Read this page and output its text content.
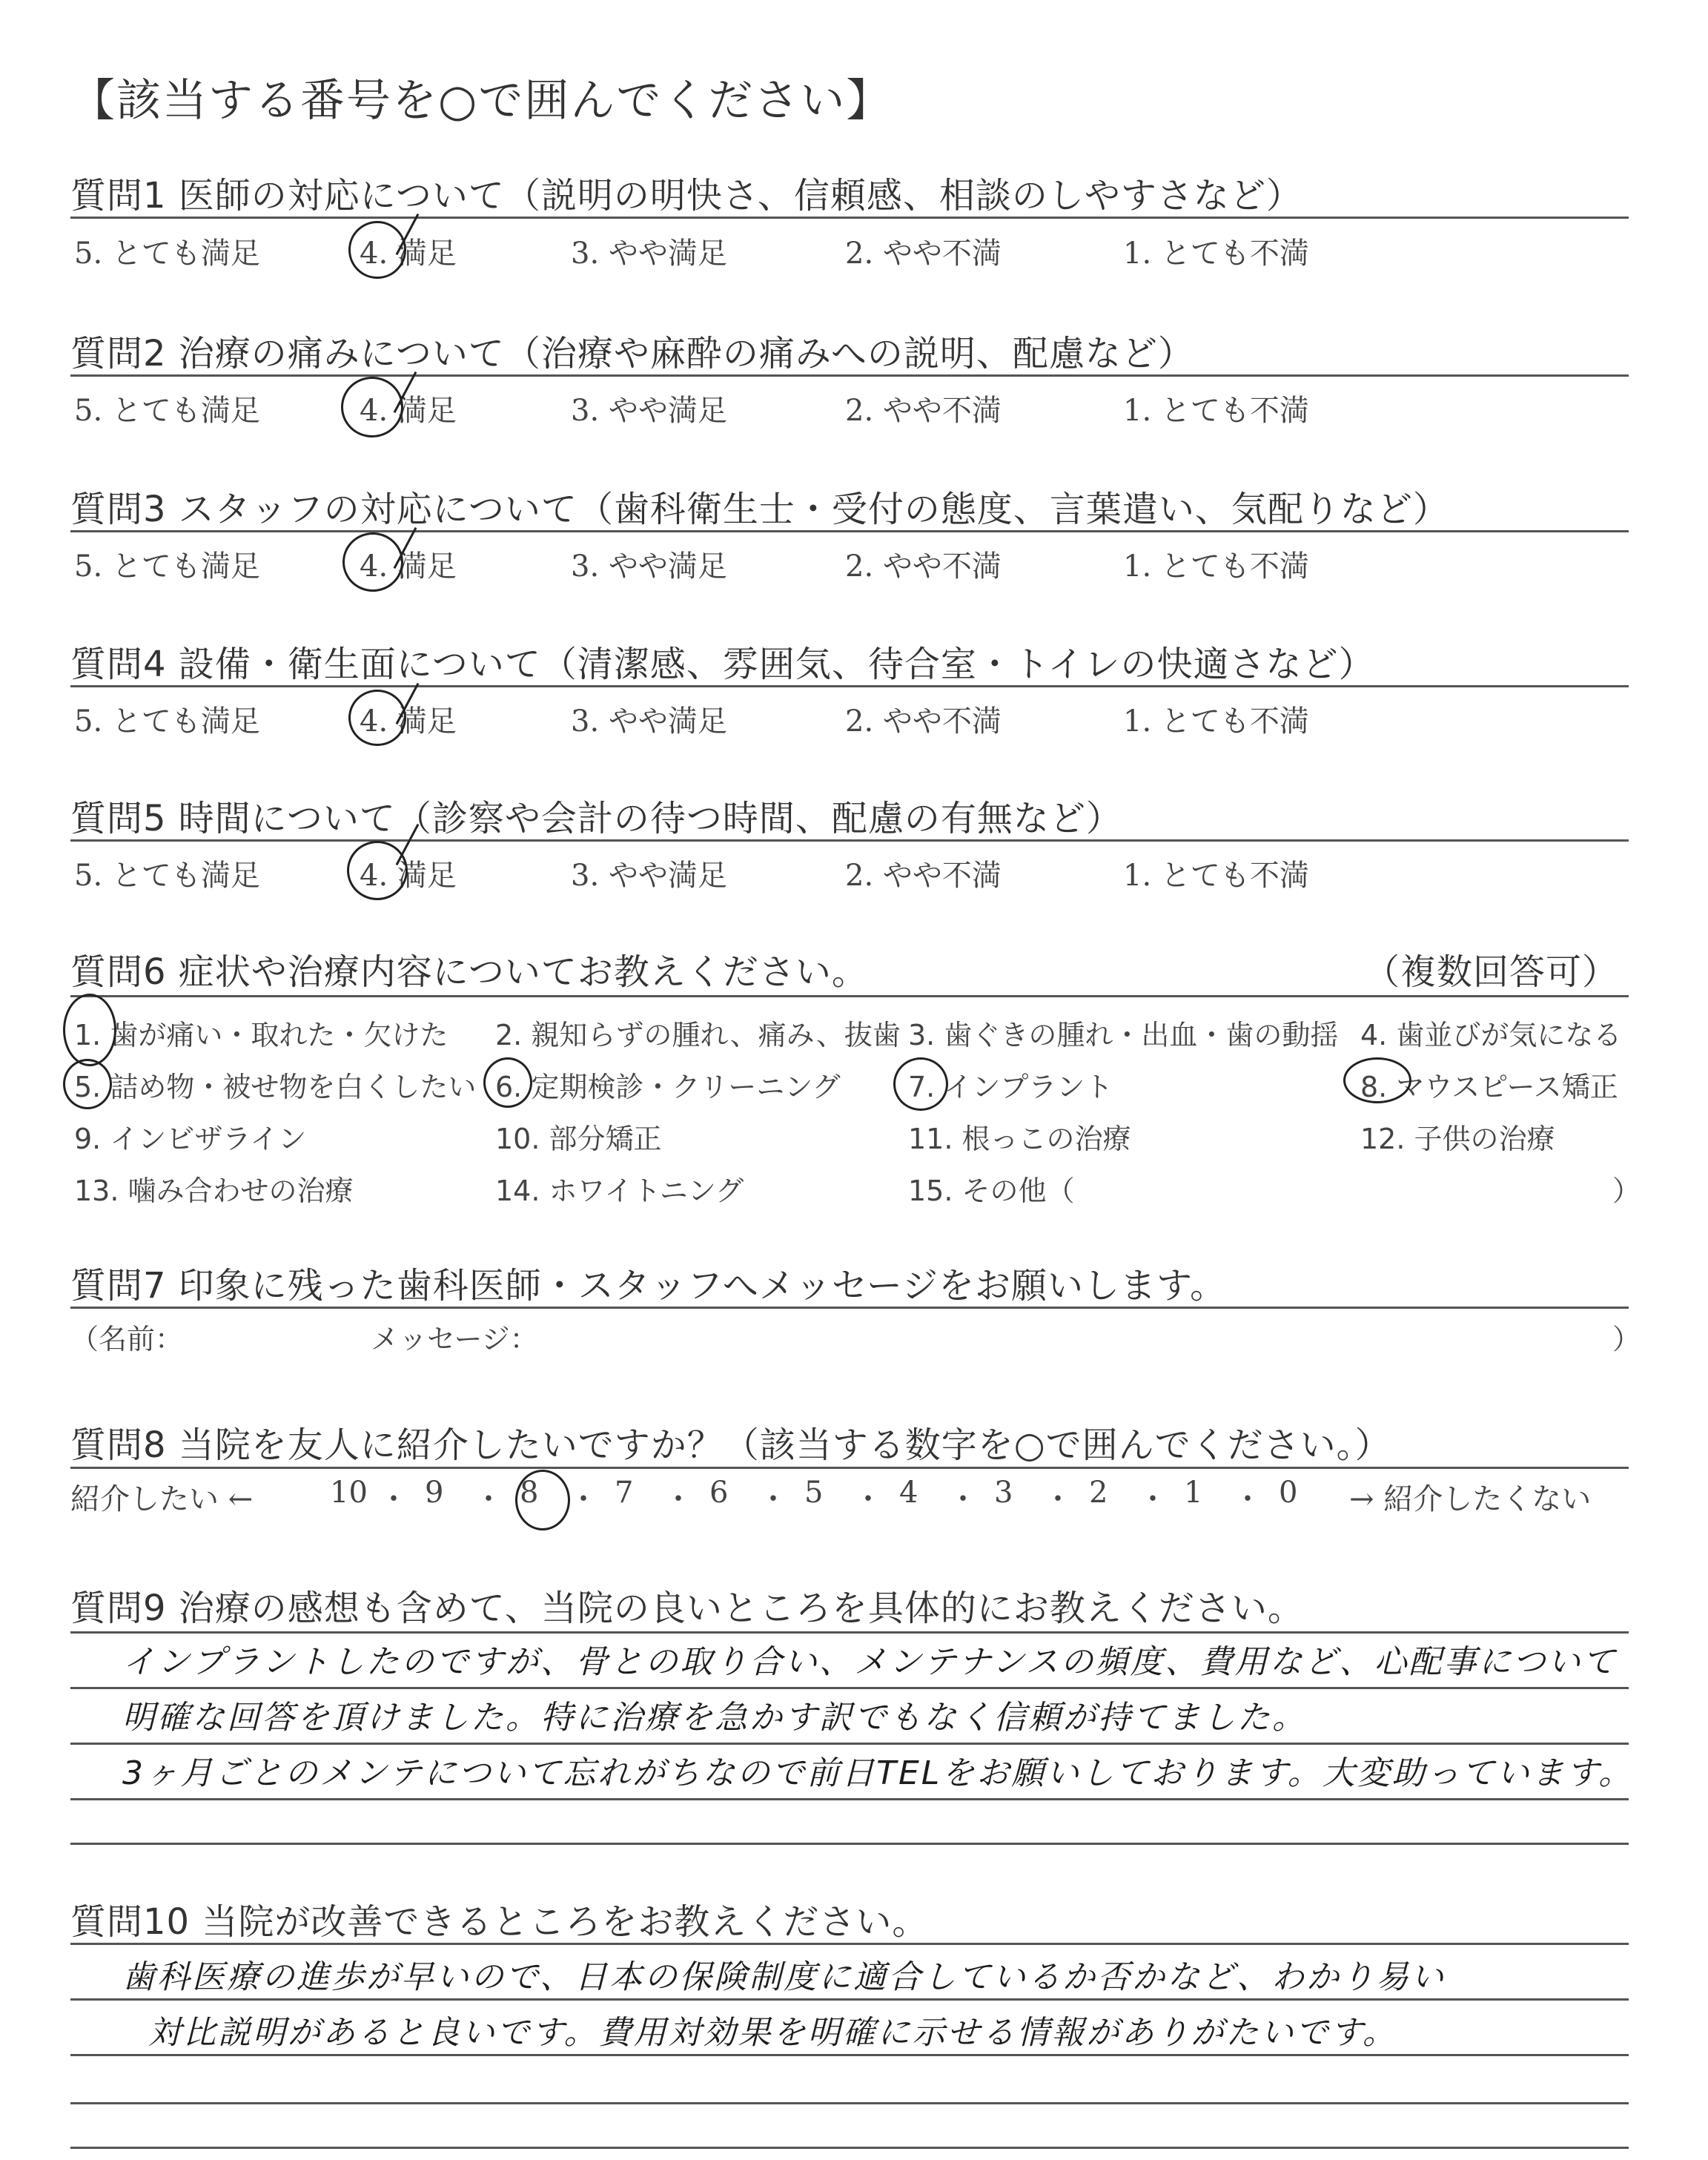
【該当する番号を○で囲んでください】
質問1 医師の対応について（説明の明快さ、信頼感、相談のしやすさなど）
5. とても満足	4. 満足	3. やや満足	2. やや不満	1. とても不満
質問2 治療の痛みについて（治療や麻酔の痛みへの説明、配慮など）
5. とても満足	4. 満足	3. やや満足	2. やや不満	1. とても不満
質問3 スタッフの対応について（歯科衛生士・受付の態度、言葉遣い、気配りなど）
5. とても満足	4. 満足	3. やや満足	2. やや不満	1. とても不満
質問4 設備・衛生面について（清潔感、雰囲気、待合室・トイレの快適さなど）
5. とても満足	4. 満足	3. やや満足	2. やや不満	1. とても不満
質問5 時間について（診察や会計の待つ時間、配慮の有無など）
5. とても満足	4. 満足	3. やや満足	2. やや不満	1. とても不満
質問6 症状や治療内容についてお教えください。	（複数回答可）
1. 歯が痛い・取れた・欠けた 2. 親知らずの腫れ、痛み、抜歯 3. 歯ぐきの腫れ・出血・歯の動揺 4. 歯並びが気になる
5. 詰め物・被せ物を白くしたい 6. 定期検診・クリーニング 7. インプラント	8. マウスピース矯正
9. インビザライン	10. 部分矯正	11. 根っこの治療	12. 子供の治療
13. 噛み合わせの治療	14. ホワイトニング	15. その他（	）
質問7 印象に残った歯科医師・スタッフへメッセージをお願いします。
（名前：	メッセージ：	）
質問8 当院を友人に紹介したいですか？（該当する数字を○で囲んでください。）
紹介したい ←	→ 紹介したくない
10 ・ 9 ・ 8 ・ 7 ・ 6 ・ 5 ・ 4 ・ 3 ・ 2 ・ 1 ・ 0
質問9 治療の感想も含めて、当院の良いところを具体的にお教えください。
インプラントしたのですが、骨との取り合い、メンテナンスの頻度、費用など、心配事について
明確な回答を頂けました。特に治療を急かす訳でもなく信頼が持てました。
3ヶ月ごとのメンテについて忘れがちなので前日TELをお願いしております。大変助っています。
質問10 当院が改善できるところをお教えください。
歯科医療の進歩が早いので、日本の保険制度に適合しているか否かなど、わかり易い
対比説明があると良いです。費用対効果を明確に示せる情報がありがたいです。
